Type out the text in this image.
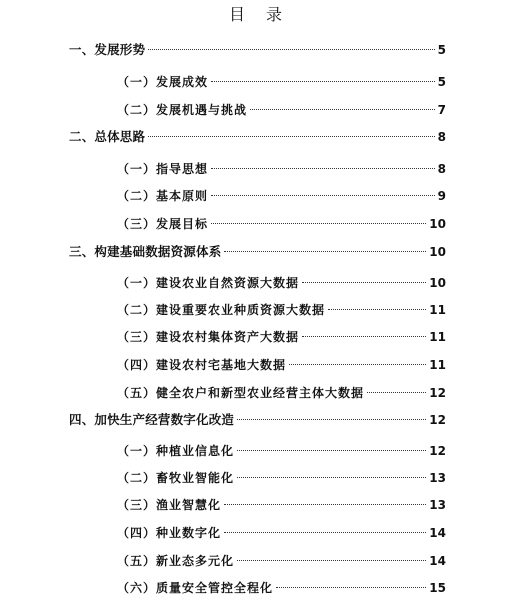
目 录
一、发展形势	5
（一）发展成效	5
（二）发展机遇与挑战	7
二、总体思路	8
（一）指导思想	8
（二）基本原则	9
（三）发展目标	10
三、构建基础数据资源体系	10
（一）建设农业自然资源大数据	10
（二）建设重要农业种质资源大数据	11
（三）建设农村集体资产大数据	11
（四）建设农村宅基地大数据	11
（五）健全农户和新型农业经营主体大数据	12
四、加快生产经营数字化改造	12
（一）种植业信息化	12
（二）畜牧业智能化	13
（三）渔业智慧化	13
（四）种业数字化	14
（五）新业态多元化	14
（六）质量安全管控全程化	15
